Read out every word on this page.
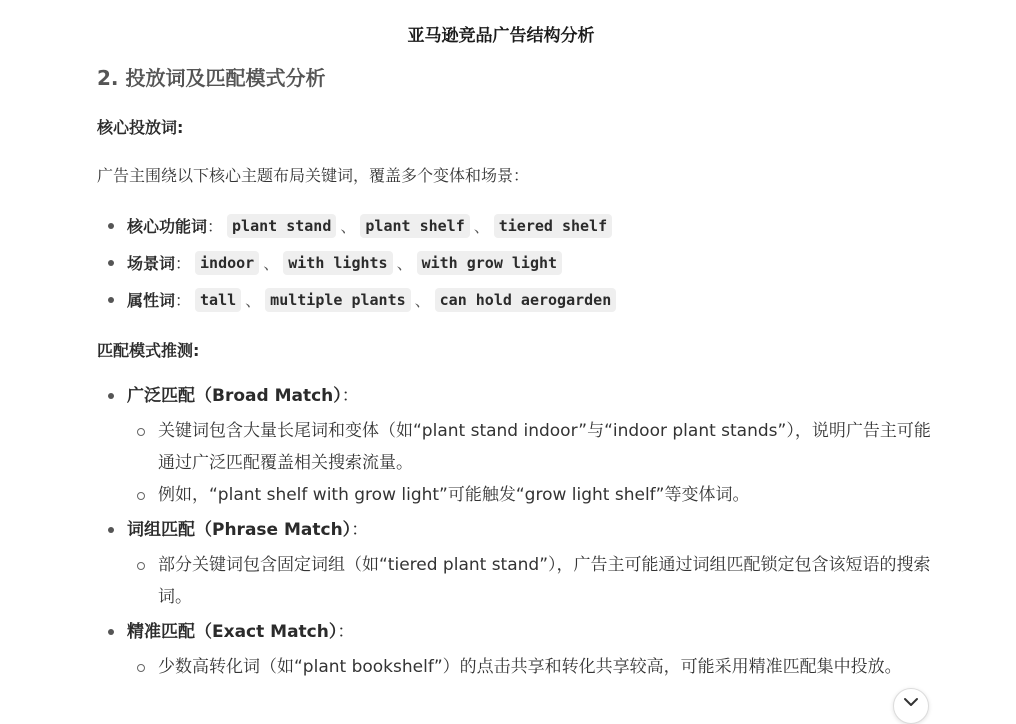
亚马逊竞品广告结构分析
2. 投放词及匹配模式分析
核心投放词:
广告主围绕以下核心主题布局关键词，覆盖多个变体和场景：
核心功能词 ： plant stand 、 plant shelf 、 tiered shelf
场景词 ： indoor 、 with lights 、 with grow light
属性词 ： tall 、 multiple plants 、 can hold aerogarden
匹配模式推测:
广泛匹配（Broad Match）：
关键词包含大量长尾词和变体（如“plant stand indoor”与“indoor plant stands”），说明广告主可能通过广泛匹配覆盖相关搜索流量。
例如，“plant shelf with grow light”可能触发“grow light shelf”等变体词。
词组匹配（Phrase Match）：
部分关键词包含固定词组（如“tiered plant stand”），广告主可能通过词组匹配锁定包含该短语的搜索词。
精准匹配（Exact Match）：
少数高转化词（如“plant bookshelf”）的点击共享和转化共享较高，可能采用精准匹配集中投放。
